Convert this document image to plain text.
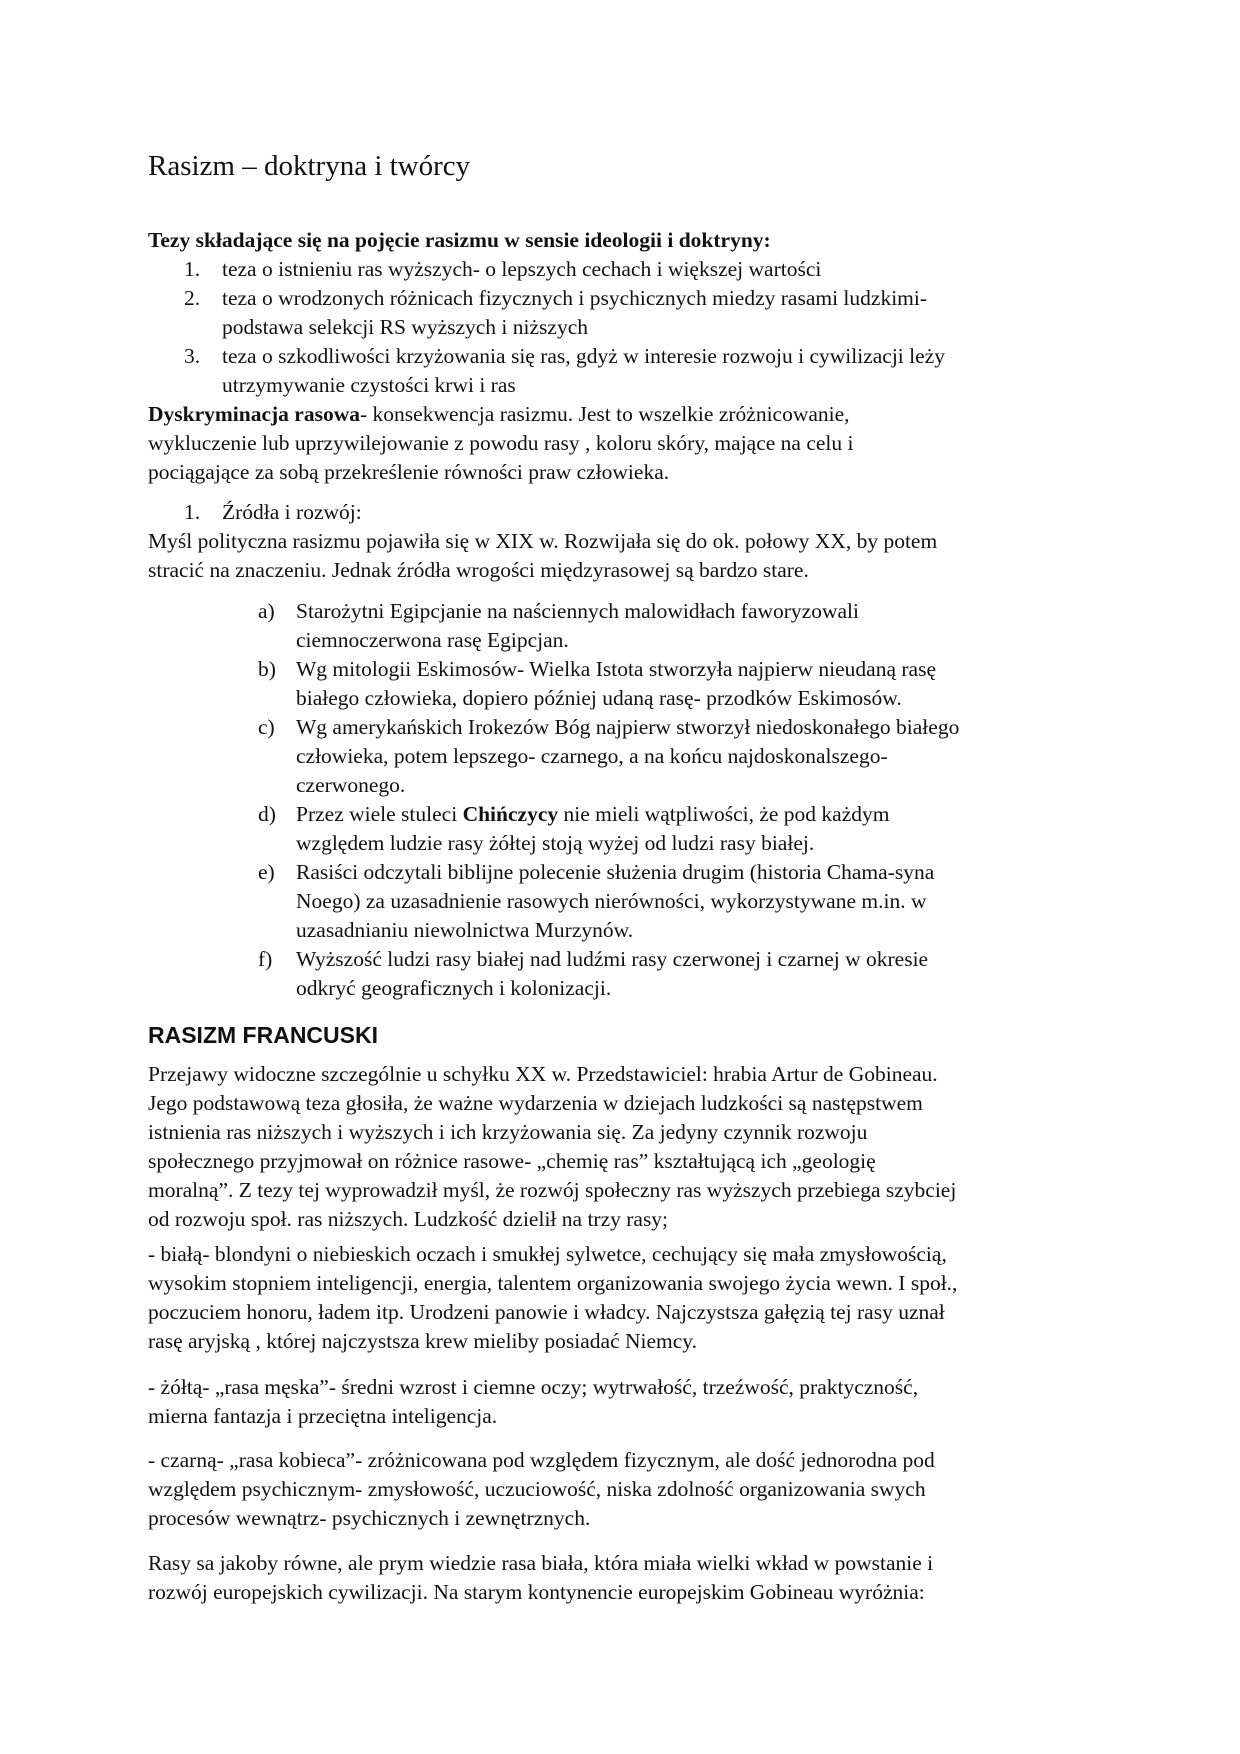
Rasizm – doktryna i twórcy

Tezy składające się na pojęcie rasizmu w sensie ideologii i doktryny:

1. teza o istnieniu ras wyższych- o lepszych cechach i większej wartości
2. teza o wrodzonych różnicach fizycznych i psychicznych miedzy rasami ludzkimi-
podstawa selekcji RS wyższych i niższych
3. teza o szkodliwości krzyżowania się ras, gdyż w interesie rozwoju i cywilizacji leży
utrzymywanie czystości krwi i ras

Dyskryminacja rasowa- konsekwencja rasizmu. Jest to wszelkie zróżnicowanie,

wykluczenie lub uprzywilejowanie z powodu rasy , koloru skóry, mające na celu i

pociągające za sobą przekreślenie równości praw człowieka.

1. Źródła i rozwój:

Myśl polityczna rasizmu pojawiła się w XIX w. Rozwijała się do ok. połowy XX, by potem

stracić na znaczeniu. Jednak źródła wrogości międzyrasowej są bardzo stare.

a) Starożytni Egipcjanie na naściennych malowidłach faworyzowali
ciemnoczerwona rasę Egipcjan.
b) Wg mitologii Eskimosów- Wielka Istota stworzyła najpierw nieudaną rasę
białego człowieka, dopiero później udaną rasę- przodków Eskimosów.
c) Wg amerykańskich Irokezów Bóg najpierw stworzył niedoskonałego białego
człowieka, potem lepszego- czarnego, a na końcu najdoskonalszego-
czerwonego.
d) Przez wiele stuleci Chińczycy nie mieli wątpliwości, że pod każdym
względem ludzie rasy żółtej stoją wyżej od ludzi rasy białej.
e) Rasiści odczytali biblijne polecenie służenia drugim (historia Chama-syna
Noego) za uzasadnienie rasowych nierówności, wykorzystywane m.in. w
uzasadnianiu niewolnictwa Murzynów.
f) Wyższość ludzi rasy białej nad ludźmi rasy czerwonej i czarnej w okresie
odkryć geograficznych i kolonizacji.
RASIZM FRANCUSKI

Przejawy widoczne szczególnie u schyłku XX w. Przedstawiciel: hrabia Artur de Gobineau.

Jego podstawową teza głosiła, że ważne wydarzenia w dziejach ludzkości są następstwem

istnienia ras niższych i wyższych i ich krzyżowania się. Za jedyny czynnik rozwoju

społecznego przyjmował on różnice rasowe- „chemię ras” kształtującą ich „geologię

moralną”. Z tezy tej wyprowadził myśl, że rozwój społeczny ras wyższych przebiega szybciej

od rozwoju społ. ras niższych. Ludzkość dzielił na trzy rasy;

- białą- blondyni o niebieskich oczach i smukłej sylwetce, cechujący się mała zmysłowością,

wysokim stopniem inteligencji, energia, talentem organizowania swojego życia wewn. I społ.,

poczuciem honoru, ładem itp. Urodzeni panowie i władcy. Najczystsza gałęzią tej rasy uznał

rasę aryjską , której najczystsza krew mieliby posiadać Niemcy.

- żółtą- „rasa męska”- średni wzrost i ciemne oczy; wytrwałość, trzeźwość, praktyczność,

mierna fantazja i przeciętna inteligencja.

- czarną- „rasa kobieca”- zróżnicowana pod względem fizycznym, ale dość jednorodna pod

względem psychicznym- zmysłowość, uczuciowość, niska zdolność organizowania swych

procesów wewnątrz- psychicznych i zewnętrznych.

Rasy sa jakoby równe, ale prym wiedzie rasa biała, która miała wielki wkład w powstanie i

rozwój europejskich cywilizacji. Na starym kontynencie europejskim Gobineau wyróżnia:
